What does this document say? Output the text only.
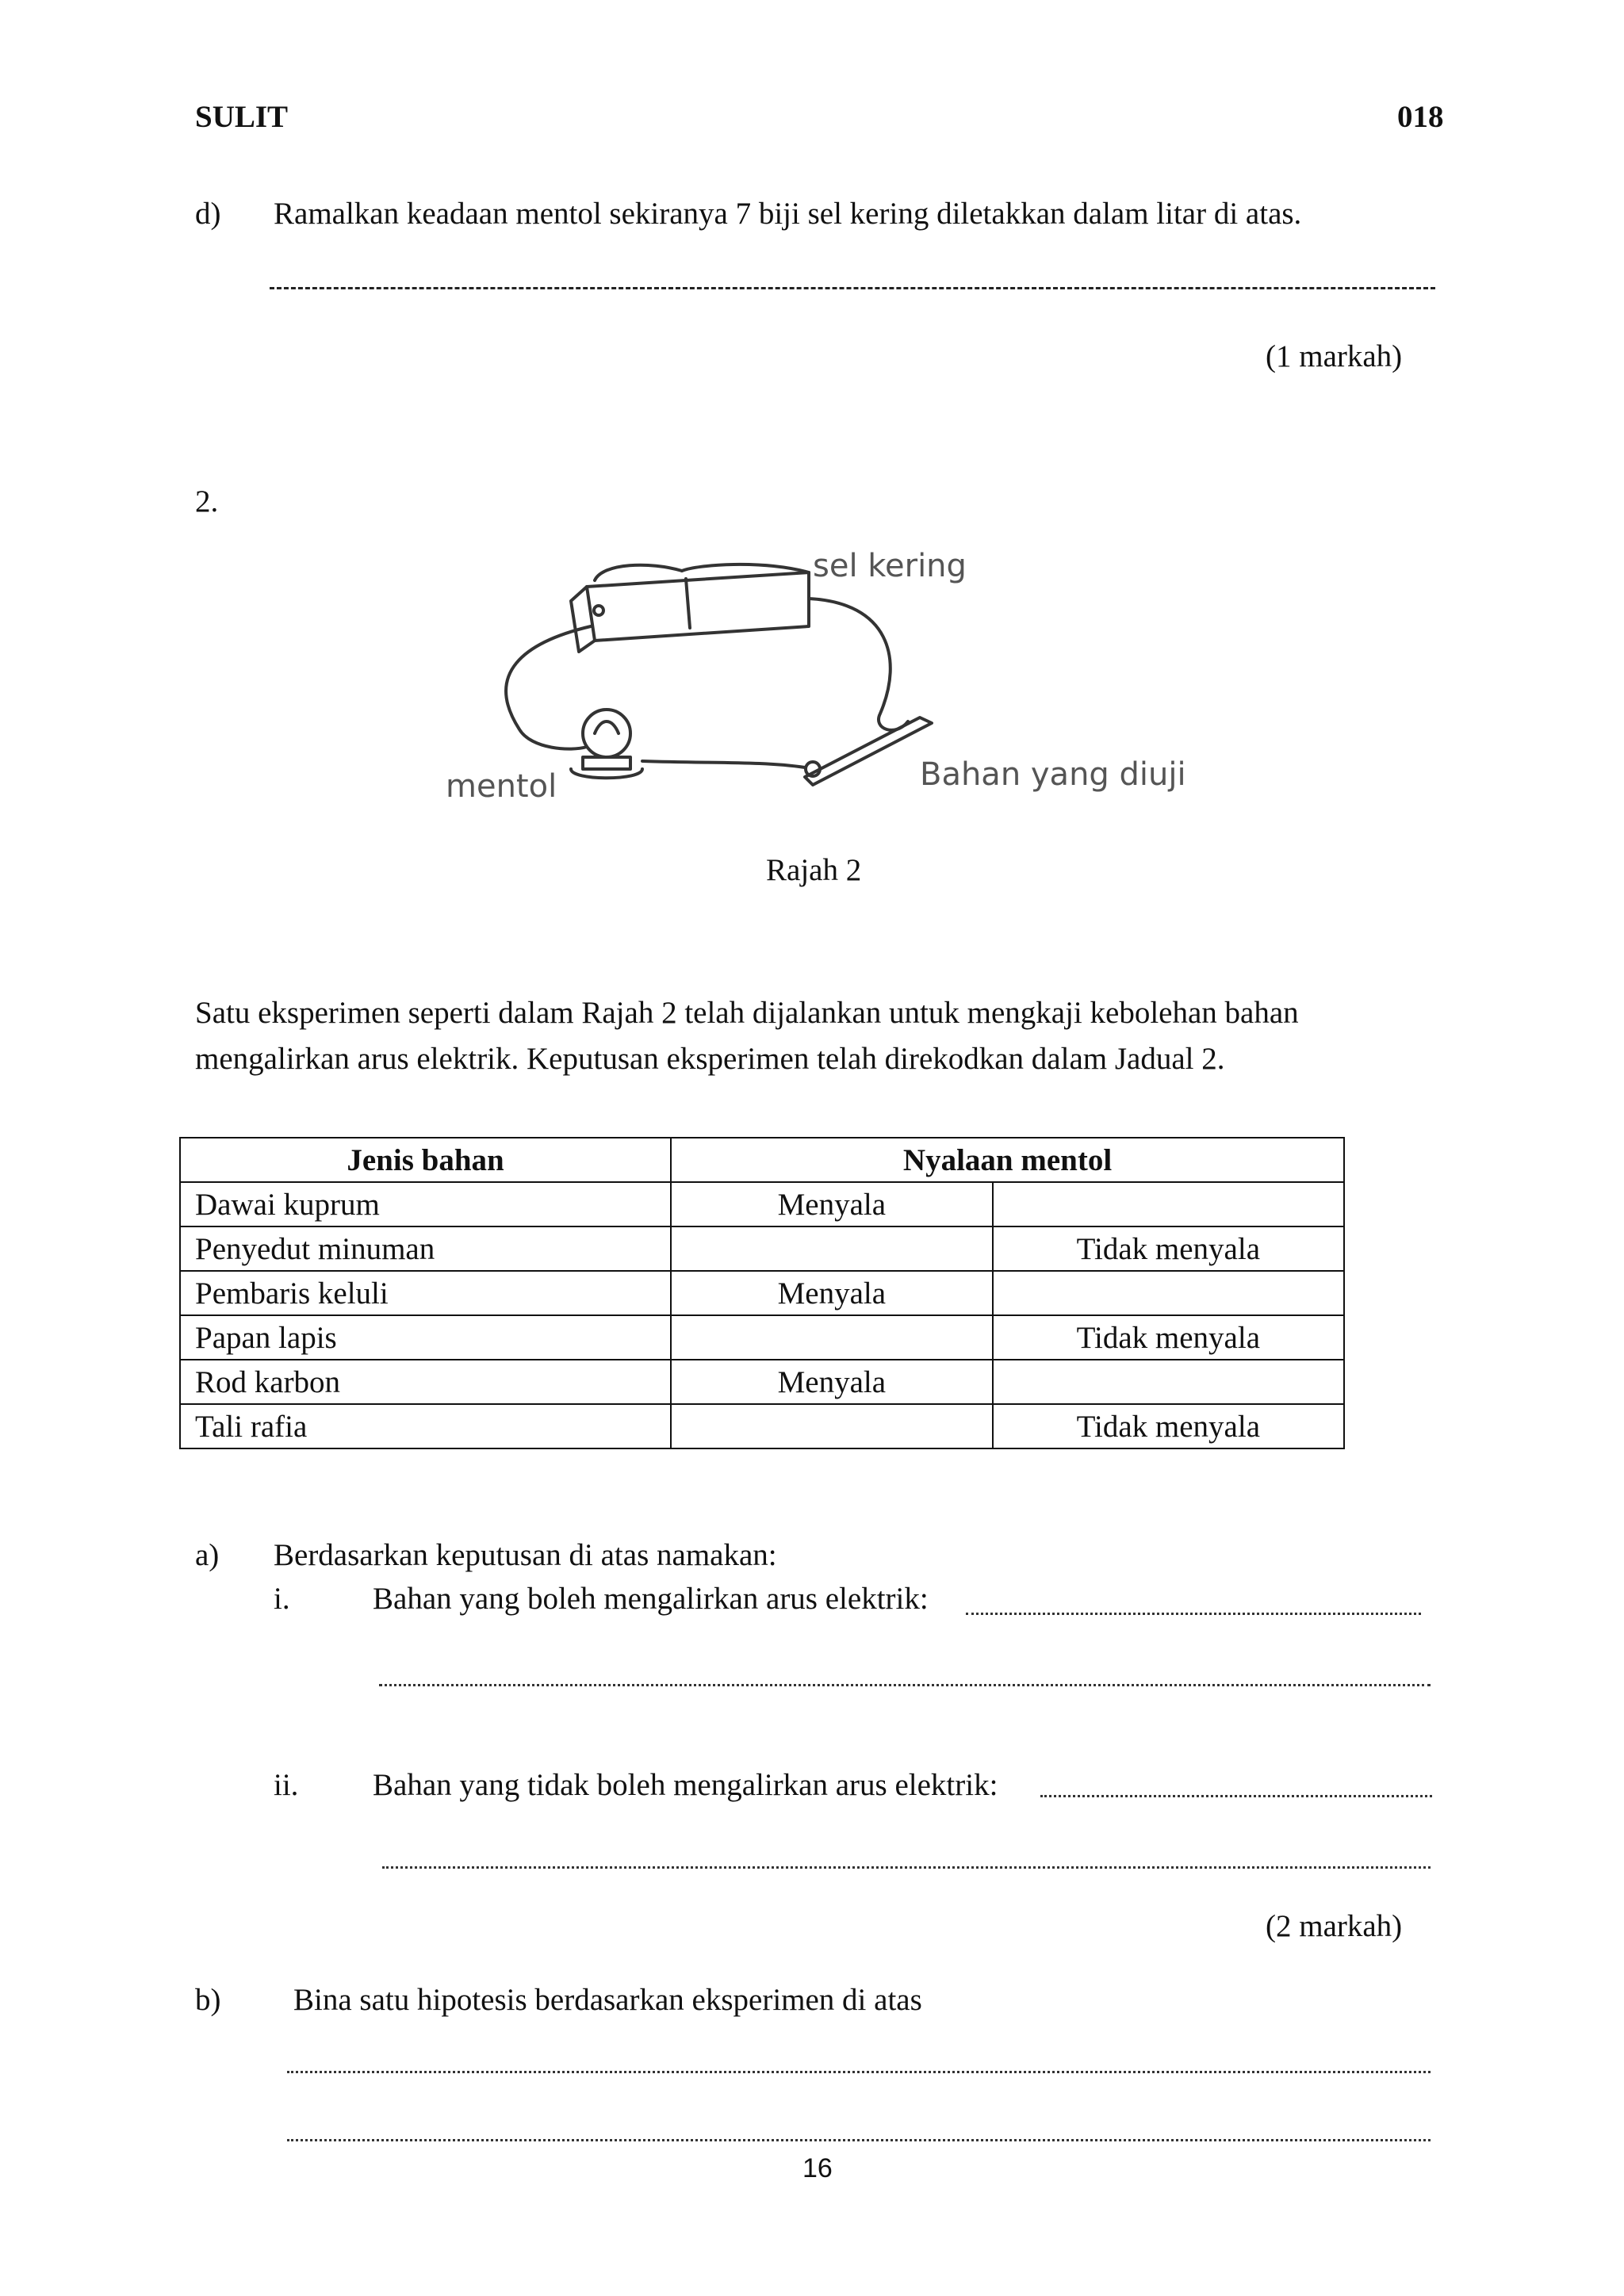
SULIT	018
d) Ramalkan keadaan mentol sekiranya 7 biji sel kering diletakkan dalam litar di atas.
(1 markah)
2.
sel kering
mentol	Bahan yang diuji
Rajah 2
Satu eksperimen seperti dalam Rajah 2 telah dijalankan untuk mengkaji kebolehan bahan
mengalirkan arus elektrik. Keputusan eksperimen telah direkodkan dalam Jadual 2.
Jenis bahan	Nyalaan mentol	
Dawai kuprum	Menyala	
Penyedut minuman		Tidak menyala
Pembaris keluli	Menyala	
Papan lapis		Tidak menyala
Rod karbon	Menyala	
Tali rafia		Tidak menyala
a) Berdasarkan keputusan di atas namakan:
i.	Bahan yang boleh mengalirkan arus elektrik:
ii. Bahan yang tidak boleh mengalirkan arus elektrik:
(2 markah)
b) Bina satu hipotesis berdasarkan eksperimen di atas
16
